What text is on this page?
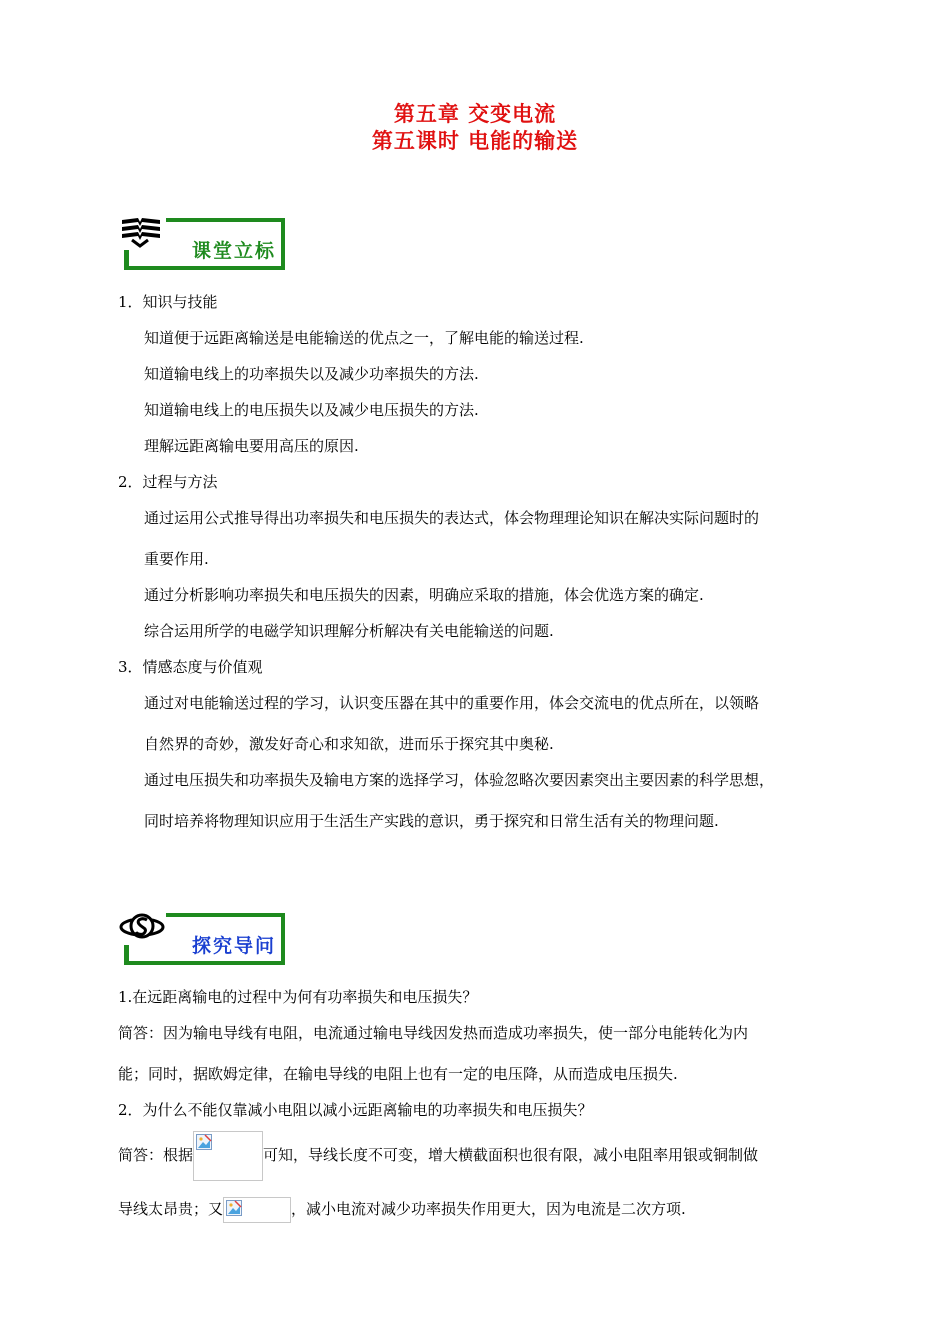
第五章 交变电流
第五课时 电能的输送
课堂立标
1．知识与技能
知道便于远距离输送是电能输送的优点之一，了解电能的输送过程.
知道输电线上的功率损失以及减少功率损失的方法.
知道输电线上的电压损失以及减少电压损失的方法.
理解远距离输电要用高压的原因.
2．过程与方法
通过运用公式推导得出功率损失和电压损失的表达式，体会物理理论知识在解决实际问题时的
重要作用.
通过分析影响功率损失和电压损失的因素，明确应采取的措施，体会优选方案的确定.
综合运用所学的电磁学知识理解分析解决有关电能输送的问题.
3．情感态度与价值观
通过对电能输送过程的学习，认识变压器在其中的重要作用，体会交流电的优点所在，以领略
自然界的奇妙，激发好奇心和求知欲，进而乐于探究其中奥秘.
通过电压损失和功率损失及输电方案的选择学习，体验忽略次要因素突出主要因素的科学思想，
同时培养将物理知识应用于生活生产实践的意识，勇于探究和日常生活有关的物理问题.
探究导问
1.在远距离输电的过程中为何有功率损失和电压损失？
简答：因为输电导线有电阻，电流通过输电导线因发热而造成功率损失，使一部分电能转化为内
能；同时，据欧姆定律，在输电导线的电阻上也有一定的电压降，从而造成电压损失.
2．为什么不能仅靠减小电阻以减小远距离输电的功率损失和电压损失？
简答：根据	可知，导线长度不可变，增大横截面积也很有限，减小电阻率用银或铜制做
导线太昂贵；又	，减小电流对减少功率损失作用更大，因为电流是二次方项.
